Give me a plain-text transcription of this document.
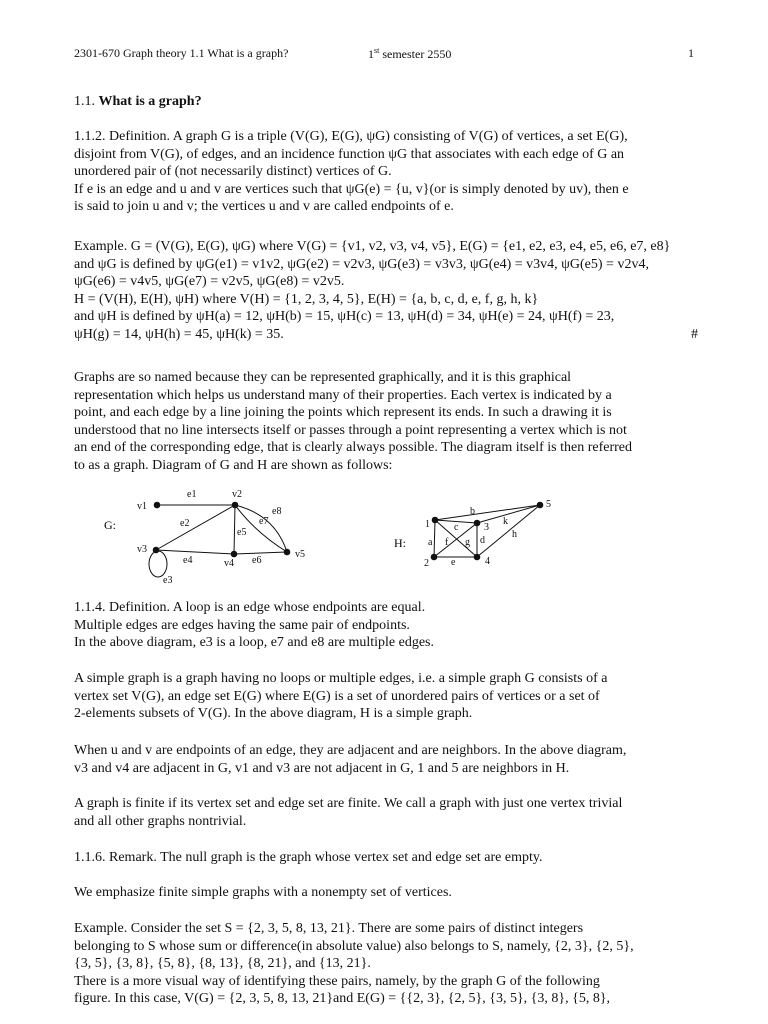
2301-670 Graph theory 1.1 What is a graph?	1st semester 2550	1
1.1. What is a graph?
1.1.2. Definition. A graph G is a triple (V(G), E(G), ψG) consisting of V(G) of vertices, a set E(G),
disjoint from V(G), of edges, and an incidence function ψG that associates with each edge of G an
unordered pair of (not necessarily distinct) vertices of G.
If e is an edge and u and v are vertices such that ψG(e) = {u, v}(or is simply denoted by uv), then e
is said to join u and v; the vertices u and v are called endpoints of e.
Example. G = (V(G), E(G), ψG) where V(G) = {v1, v2, v3, v4, v5}, E(G) = {e1, e2, e3, e4, e5, e6, e7, e8}
and ψG is defined by ψG(e1) = v1v2, ψG(e2) = v2v3, ψG(e3) = v3v3, ψG(e4) = v3v4, ψG(e5) = v2v4,
ψG(e6) = v4v5, ψG(e7) = v2v5, ψG(e8) = v2v5.
H = (V(H), E(H), ψH) where V(H) = {1, 2, 3, 4, 5}, E(H) = {a, b, c, d, e, f, g, h, k}
and ψH is defined by ψH(a) = 12, ψH(b) = 15, ψH(c) = 13, ψH(d) = 34, ψH(e) = 24, ψH(f) = 23,
ψH(g) = 14, ψH(h) = 45, ψH(k) = 35.	#
Graphs are so named because they can be represented graphically, and it is this graphical
representation which helps us understand many of their properties. Each vertex is indicated by a
point, and each edge by a line joining the points which represent its ends. In such a drawing it is
understood that no line intersects itself or passes through a point representing a vertex which is not
an end of the corresponding edge, that is clearly always possible. The diagram itself is then referred
to as a graph. Diagram of G and H are shown as follows:
G:
v1
v2
v3
v4
v5
e1
e2
e3
e4
e5
e6
e7
e8
H:
1
2
3
4
5
a
b
c
d
e
f g
h
k
1.1.4. Definition. A loop is an edge whose endpoints are equal.
Multiple edges are edges having the same pair of endpoints.
In the above diagram, e3 is a loop, e7 and e8 are multiple edges.
A simple graph is a graph having no loops or multiple edges, i.e. a simple graph G consists of a
vertex set V(G), an edge set E(G) where E(G) is a set of unordered pairs of vertices or a set of
2-elements subsets of V(G). In the above diagram, H is a simple graph.
When u and v are endpoints of an edge, they are adjacent and are neighbors. In the above diagram,
v3 and v4 are adjacent in G, v1 and v3 are not adjacent in G, 1 and 5 are neighbors in H.
A graph is finite if its vertex set and edge set are finite. We call a graph with just one vertex trivial
and all other graphs nontrivial.
1.1.6. Remark. The null graph is the graph whose vertex set and edge set are empty.
We emphasize finite simple graphs with a nonempty set of vertices.
Example. Consider the set S = {2, 3, 5, 8, 13, 21}. There are some pairs of distinct integers
belonging to S whose sum or difference(in absolute value) also belongs to S, namely, {2, 3}, {2, 5},
{3, 5}, {3, 8}, {5, 8}, {8, 13}, {8, 21}, and {13, 21}.
There is a more visual way of identifying these pairs, namely, by the graph G of the following
figure. In this case, V(G) = {2, 3, 5, 8, 13, 21}and E(G) = {{2, 3}, {2, 5}, {3, 5}, {3, 8}, {5, 8},
